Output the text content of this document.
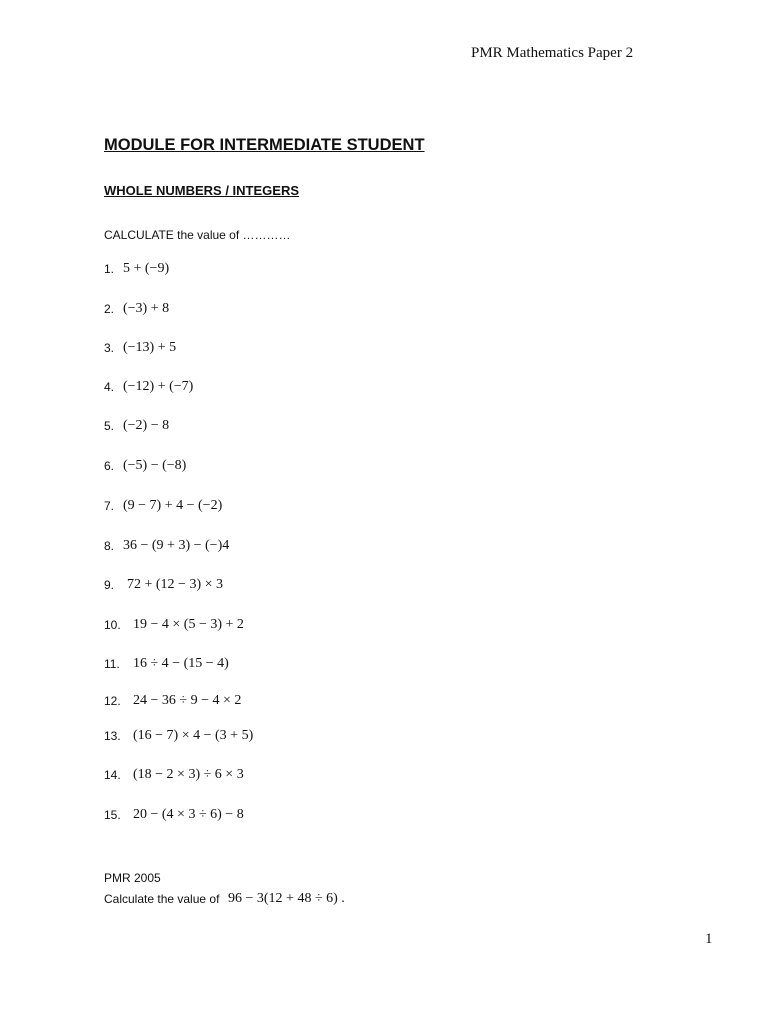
PMR Mathematics Paper 2
MODULE FOR INTERMEDIATE STUDENT
WHOLE NUMBERS / INTEGERS
CALCULATE the value of …………
1. 5 + (−9)
2. (−3) + 8
3. (−13) + 5
4. (−12) + (−7)
5. (−2) − 8
6. (−5) − (−8)
7. (9 − 7) + 4 − (−2)
8. 36 − (9 + 3) − (−)4
9. 72 + (12 − 3) × 3
10. 19 − 4 × (5 − 3) + 2
11. 16 ÷ 4 − (15 − 4)
12. 24 − 36 ÷ 9 − 4 × 2
13. (16 − 7) × 4 − (3 + 5)
14. (18 − 2 × 3) ÷ 6 × 3
15. 20 − (4 × 3 ÷ 6) − 8
PMR 2005
Calculate the value of 96 − 3(12 + 48 ÷ 6) .
1
